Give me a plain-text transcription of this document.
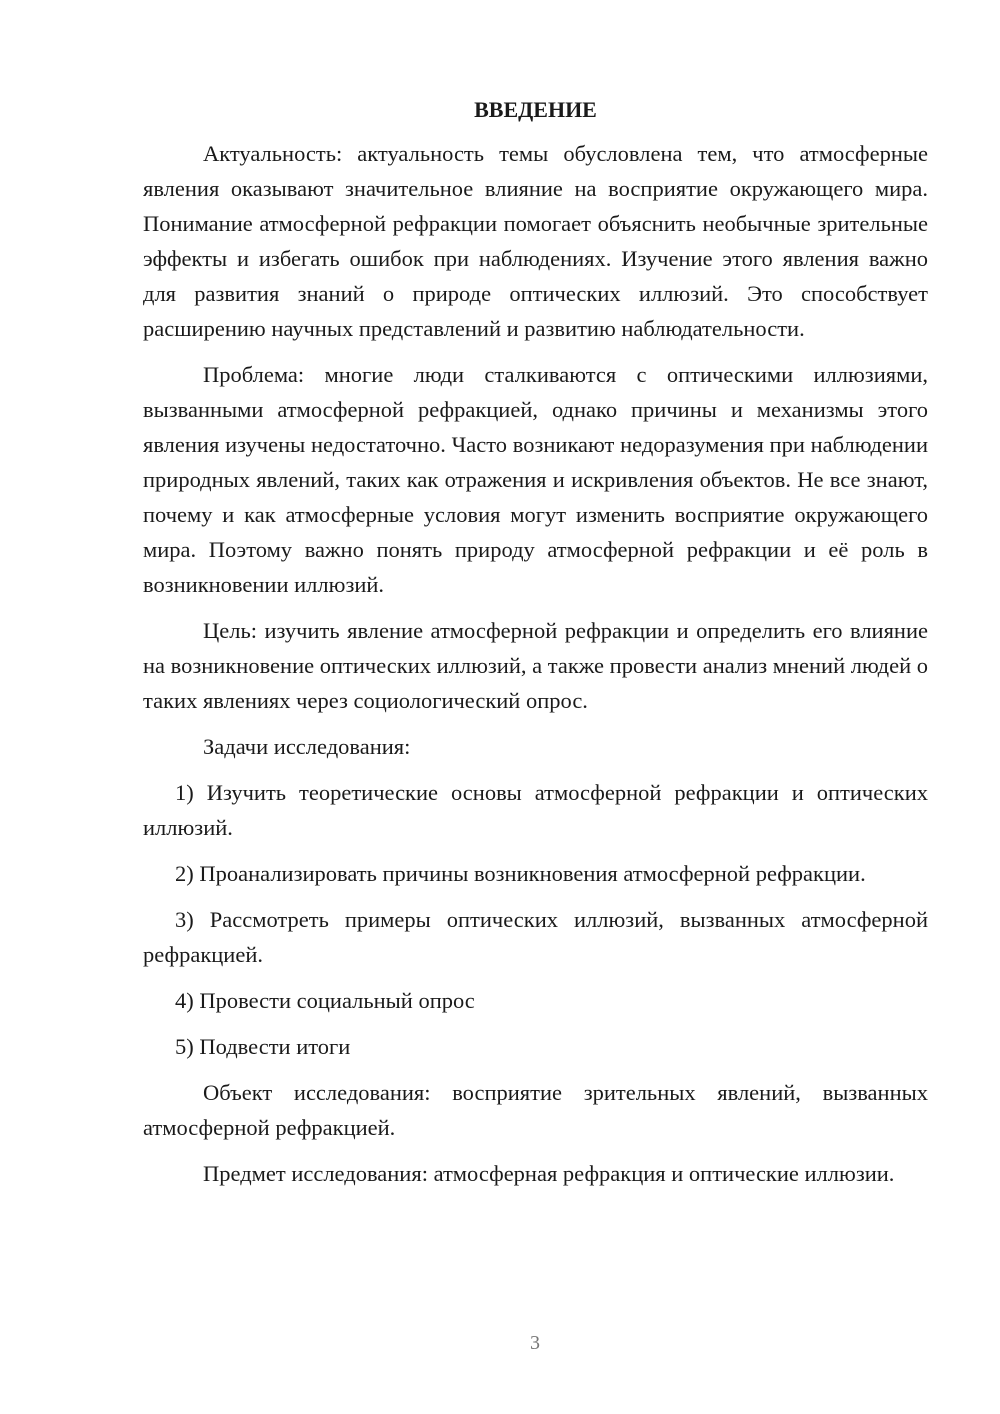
ВВЕДЕНИЕ

Актуальность: актуальность темы обусловлена тем, что атмосферные явления оказывают значительное влияние на восприятие окружающего мира. Понимание атмосферной рефракции помогает объяснить необычные зрительные эффекты и избегать ошибок при наблюдениях. Изучение этого явления важно для развития знаний о природе оптических иллюзий. Это способствует расширению научных представлений и развитию наблюдательности.

Проблема: многие люди сталкиваются с оптическими иллюзиями, вызванными атмосферной рефракцией, однако причины и механизмы этого явления изучены недостаточно. Часто возникают недоразумения при наблюдении природных явлений, таких как отражения и искривления объектов. Не все знают, почему и как атмосферные условия могут изменить восприятие окружающего мира. Поэтому важно понять природу атмосферной рефракции и её роль в возникновении иллюзий.

Цель: изучить явление атмосферной рефракции и определить его влияние на возникновение оптических иллюзий, а также провести анализ мнений людей о таких явлениях через социологический опрос.

Задачи исследования:

1) Изучить теоретические основы атмосферной рефракции и оптических иллюзий.

2) Проанализировать причины возникновения атмосферной рефракции.

3) Рассмотреть примеры оптических иллюзий, вызванных атмосферной рефракцией.

4) Провести социальный опрос

5) Подвести итоги

Объект исследования: восприятие зрительных явлений, вызванных атмосферной рефракцией.

Предмет исследования: атмосферная рефракция и оптические иллюзии.

3
